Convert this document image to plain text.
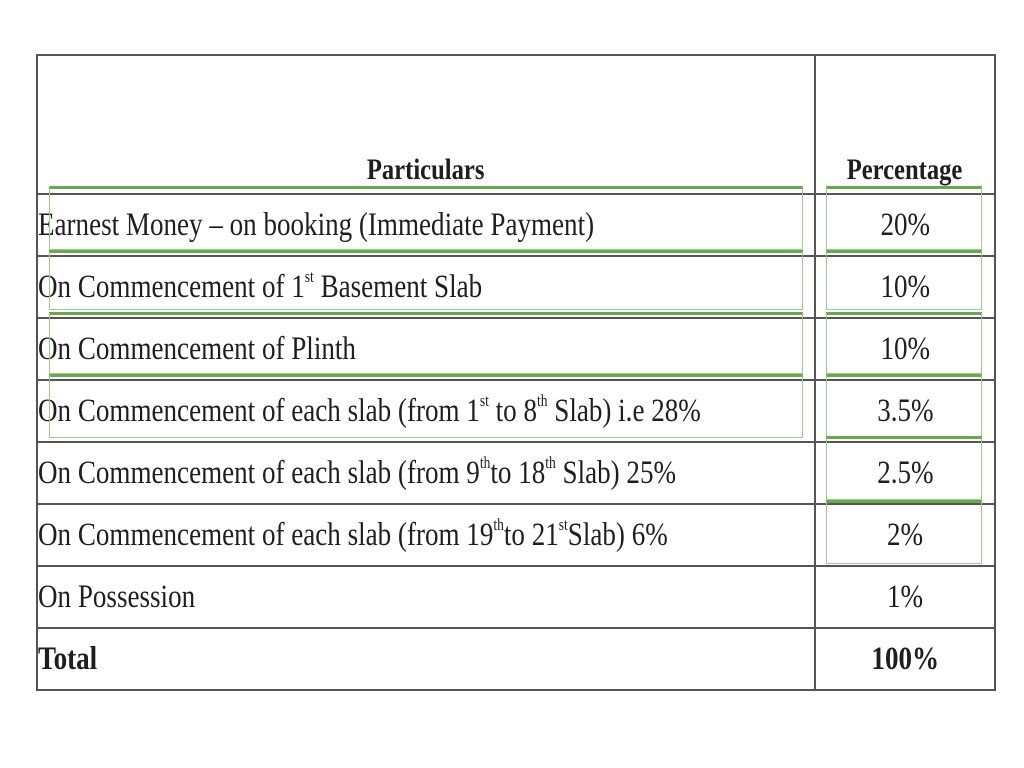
Particulars	Percentage
Earnest Money – on booking (Immediate Payment)	20%
On Commencement of 1st Basement Slab	10%
On Commencement of Plinth	10%
On Commencement of each slab (from 1st to 8th Slab) i.e 28%	3.5%
On Commencement of each slab (from 9thto 18th Slab) 25%	2.5%
On Commencement of each slab (from 19thto 21stSlab) 6%	2%
On Possession	1%
Total	100%
